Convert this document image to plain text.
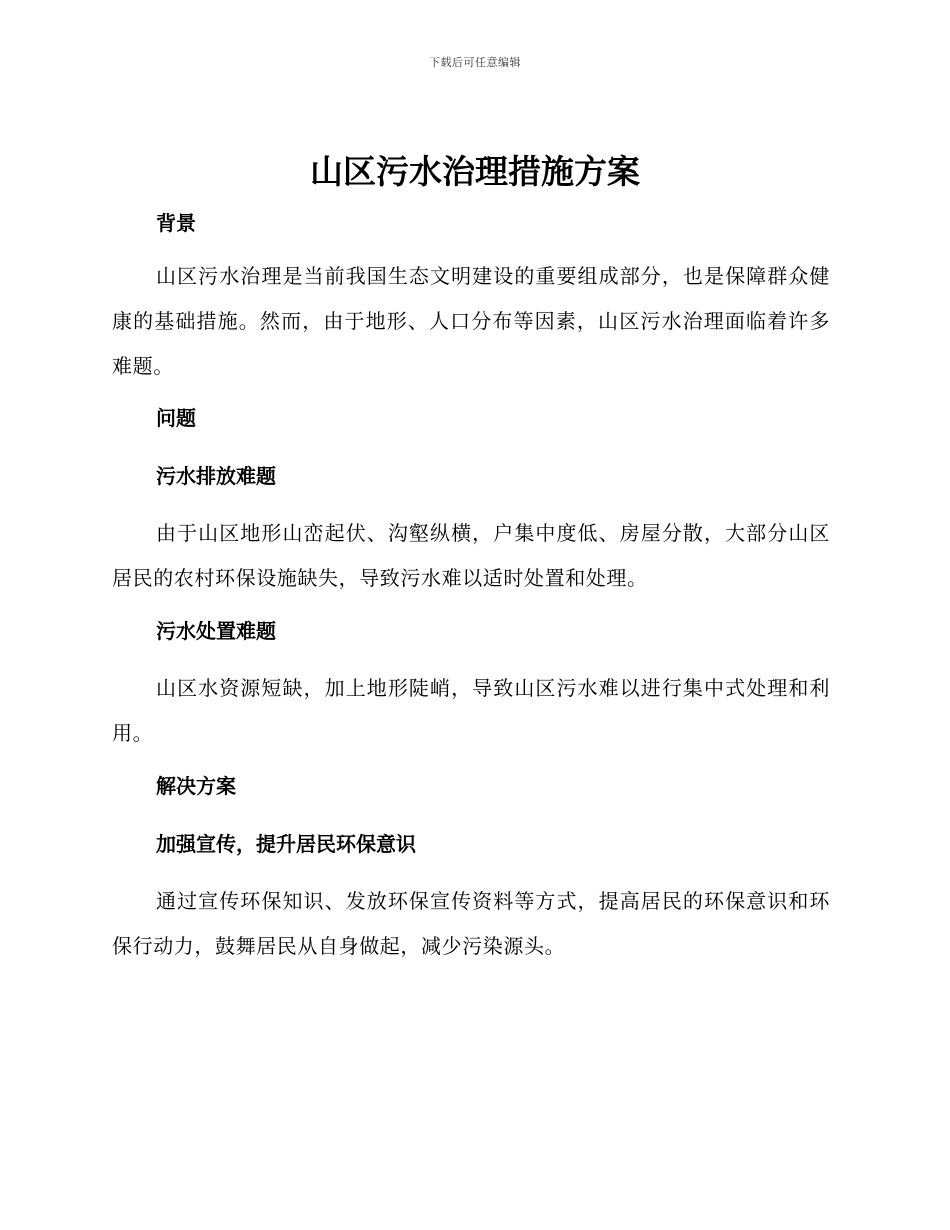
下载后可任意编辑
山区污水治理措施方案
背景
山区污水治理是当前我国生态文明建设的重要组成部分，也是保障群众健康的基础措施。然而，由于地形、人口分布等因素，山区污水治理面临着许多难题。
问题
污水排放难题
由于山区地形山峦起伏、沟壑纵横，户集中度低、房屋分散，大部分山区居民的农村环保设施缺失，导致污水难以适时处置和处理。
污水处置难题
山区水资源短缺，加上地形陡峭，导致山区污水难以进行集中式处理和利用。
解决方案
加强宣传，提升居民环保意识
通过宣传环保知识、发放环保宣传资料等方式，提高居民的环保意识和环保行动力，鼓舞居民从自身做起，减少污染源头。
